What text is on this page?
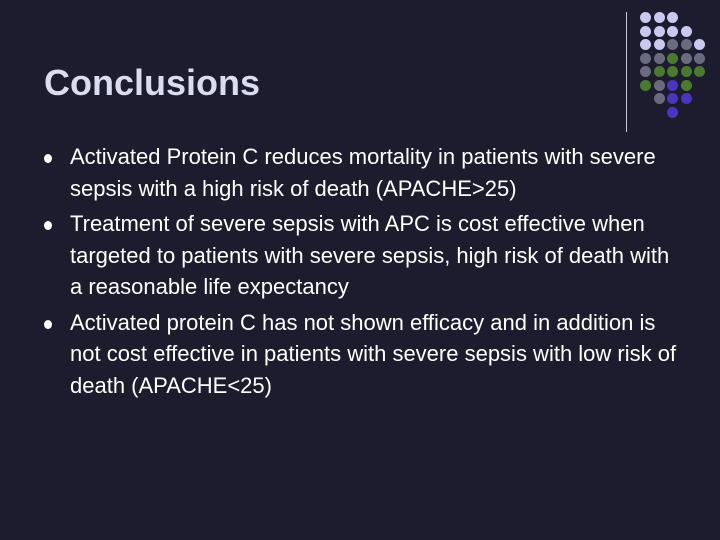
Conclusions
Activated Protein C reduces mortality in patients with severe sepsis with a high risk of death (APACHE>25)
Treatment of severe sepsis with APC is cost effective when targeted to patients with severe sepsis, high risk of death with a reasonable life expectancy
Activated protein C has not shown efficacy and in addition is not cost effective in patients with severe sepsis with low risk of death (APACHE<25)
